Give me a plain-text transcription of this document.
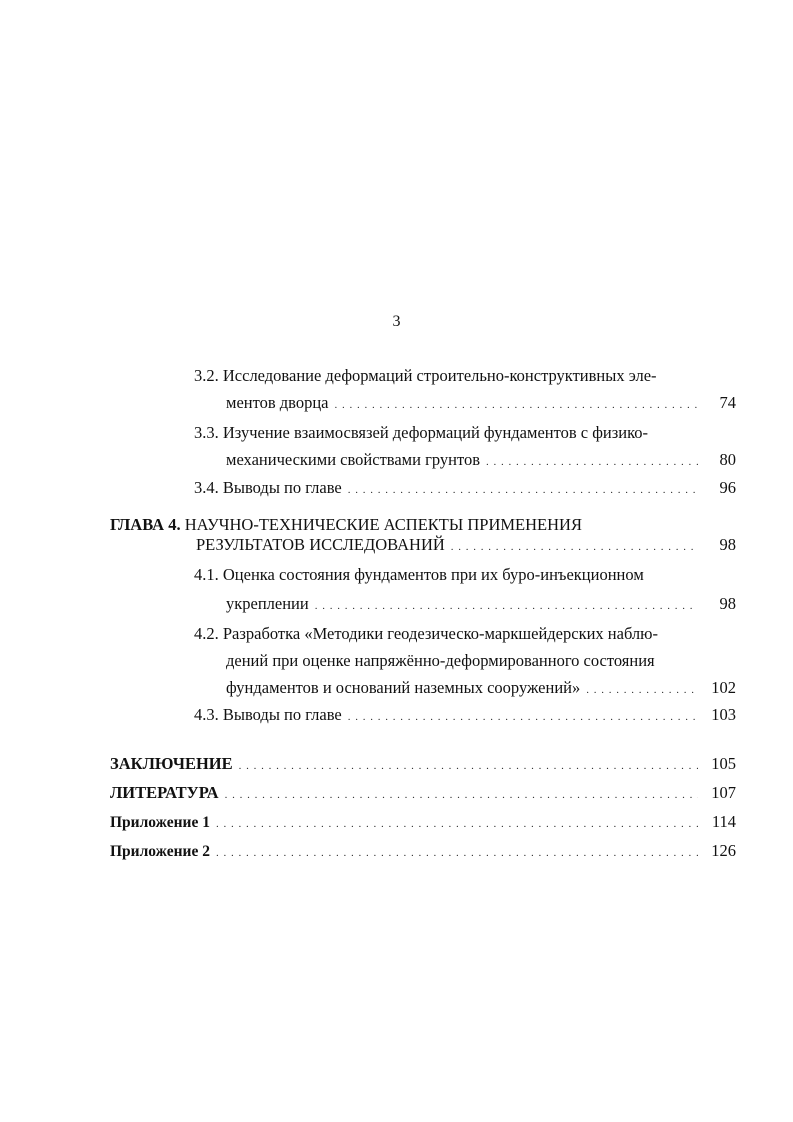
3
3.2. Исследование деформаций строительно-конструктивных эле-
ментов дворца . . .	74
3.3. Изучение взаимосвязей деформаций фундаментов с физико-
механическими свойствами грунтов . . .	80
3.4. Выводы по главе . . .	96
ГЛАВА 4. НАУЧНО-ТЕХНИЧЕСКИЕ АСПЕКТЫ ПРИМЕНЕНИЯ
РЕЗУЛЬТАТОВ ИССЛЕДОВАНИЙ . . .	98
4.1. Оценка состояния фундаментов при их буро-инъекционном
укреплении . . .	98
4.2. Разработка «Методики геодезическо-маркшейдерских наблю-
дений при оценке напряжённо-деформированного состояния
фундаментов и оснований наземных сооружений» . . .	102
4.3. Выводы по главе . . .	103
ЗАКЛЮЧЕНИЕ . . .	105
ЛИТЕРАТУРА . . .	107
Приложение 1 . . .	114
Приложение 2 . . .	126
